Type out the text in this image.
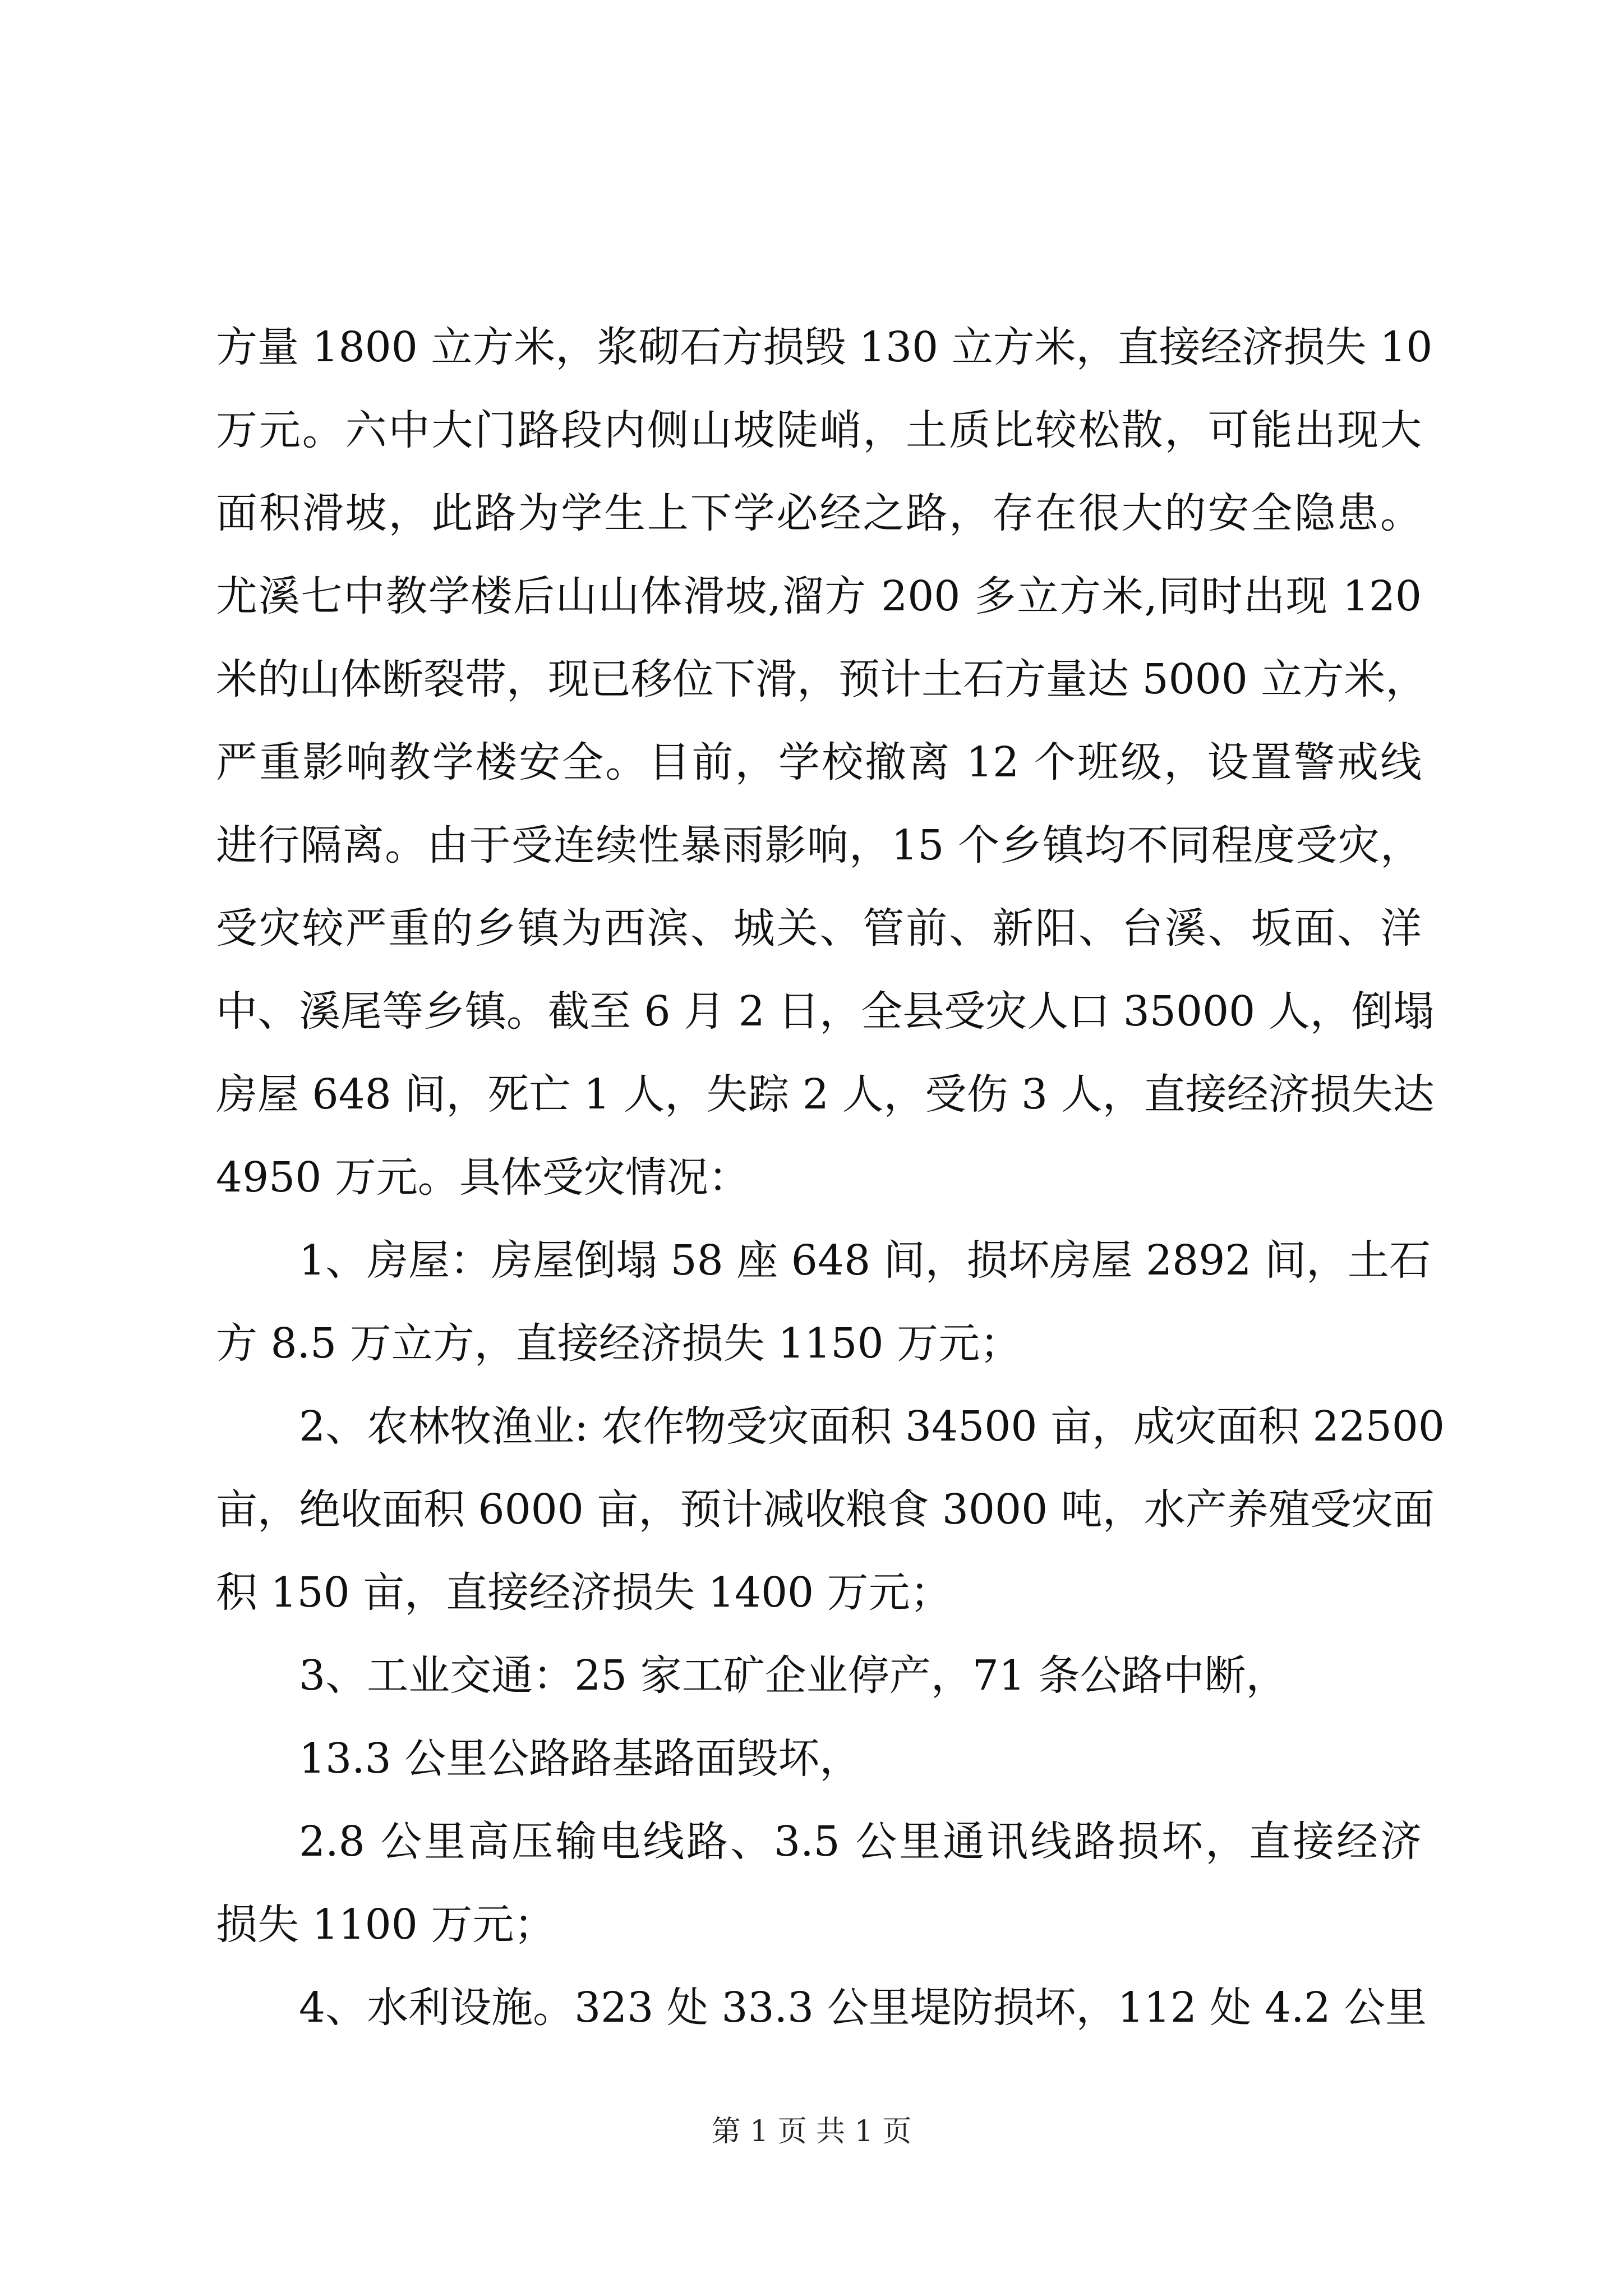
方量 1800 立方米，浆砌石方损毁 130 立方米，直接经济损失 10
万元。六中大门路段内侧山坡陡峭，土质比较松散，可能出现大
面积滑坡，此路为学生上下学必经之路，存在很大的安全隐患。
尤溪七中教学楼后山山体滑坡,溜方 200 多立方米,同时出现 120
米的山体断裂带，现已移位下滑，预计土石方量达 5000 立方米，
严重影响教学楼安全。目前，学校撤离 12 个班级，设置警戒线
进行隔离。由于受连续性暴雨影响，15 个乡镇均不同程度受灾，
受灾较严重的乡镇为西滨、城关、管前、新阳、台溪、坂面、洋
中、溪尾等乡镇。截至 6 月 2 日，全县受灾人口 35000 人，倒塌
房屋 648 间，死亡 1 人，失踪 2 人，受伤 3 人，直接经济损失达
4950 万元。具体受灾情况：
1、房屋：房屋倒塌 58 座 648 间，损坏房屋 2892 间，土石
方 8.5 万立方，直接经济损失 1150 万元；
2、农林牧渔业: 农作物受灾面积 34500 亩，成灾面积 22500
亩，绝收面积 6000 亩，预计减收粮食 3000 吨，水产养殖受灾面
积 150 亩，直接经济损失 1400 万元；
3、工业交通：25 家工矿企业停产，71 条公路中断，
13.3 公里公路路基路面毁坏，
2.8 公里高压输电线路、3.5 公里通讯线路损坏，直接经济
损失 1100 万元；
4、水利设施。323 处 33.3 公里堤防损坏，112 处 4.2 公里
第 1 页 共 1 页
